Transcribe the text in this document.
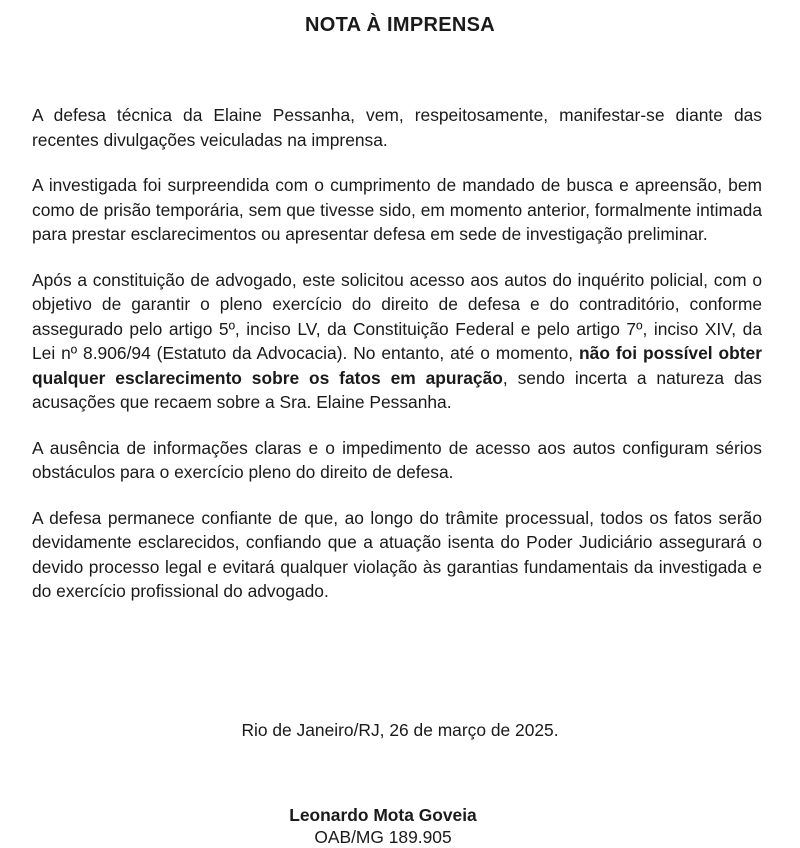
NOTA À IMPRENSA

A defesa técnica da Elaine Pessanha, vem, respeitosamente, manifestar-se diante das recentes divulgações veiculadas na imprensa.

A investigada foi surpreendida com o cumprimento de mandado de busca e apreensão, bem como de prisão temporária, sem que tivesse sido, em momento anterior, formalmente intimada para prestar esclarecimentos ou apresentar defesa em sede de investigação preliminar.

Após a constituição de advogado, este solicitou acesso aos autos do inquérito policial, com o objetivo de garantir o pleno exercício do direito de defesa e do contraditório, conforme assegurado pelo artigo 5º, inciso LV, da Constituição Federal e pelo artigo 7º, inciso XIV, da Lei nº 8.906/94 (Estatuto da Advocacia). No entanto, até o momento, não foi possível obter qualquer esclarecimento sobre os fatos em apuração, sendo incerta a natureza das acusações que recaem sobre a Sra. Elaine Pessanha.

A ausência de informações claras e o impedimento de acesso aos autos configuram sérios obstáculos para o exercício pleno do direito de defesa.

A defesa permanece confiante de que, ao longo do trâmite processual, todos os fatos serão devidamente esclarecidos, confiando que a atuação isenta do Poder Judiciário assegurará o devido processo legal e evitará qualquer violação às garantias fundamentais da investigada e do exercício profissional do advogado.

Rio de Janeiro/RJ, 26 de março de 2025.

Leonardo Mota Goveia
OAB/MG 189.905
